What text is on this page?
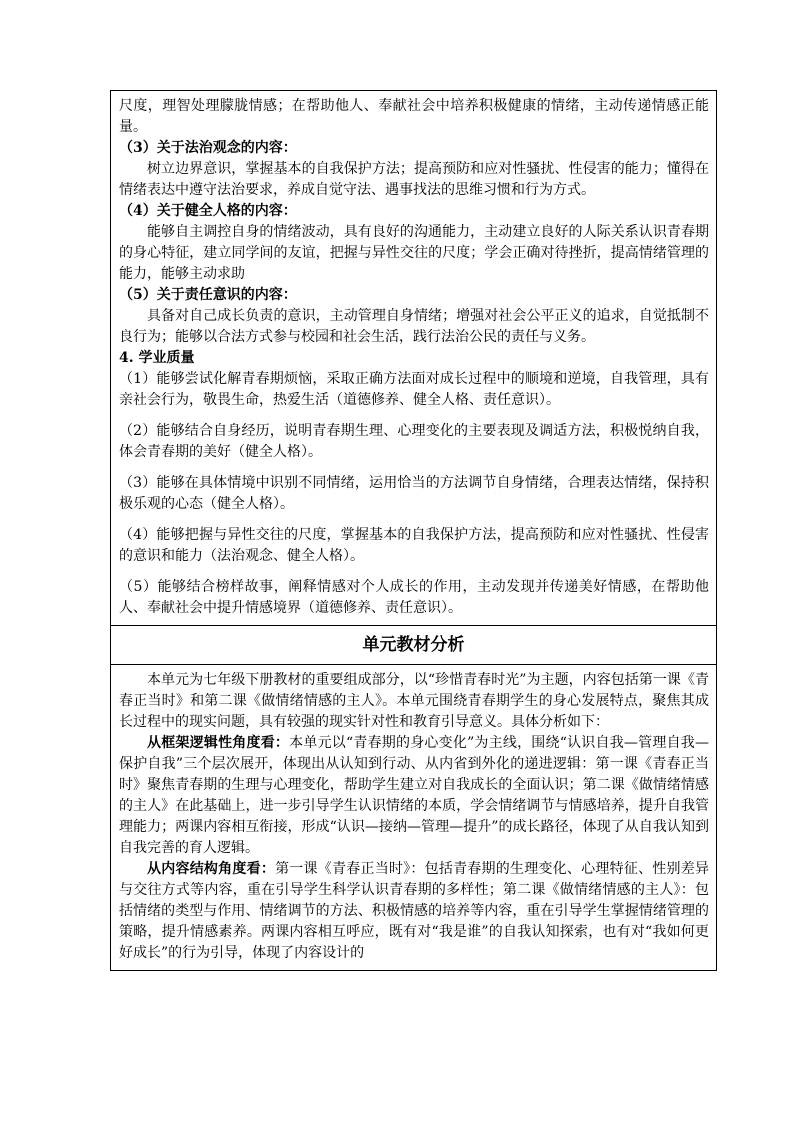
尺度，理智处理朦胧情感；在帮助他人、奉献社会中培养积极健康的情绪，主动传递情感正能量。

（3）关于法治观念的内容：

树立边界意识，掌握基本的自我保护方法；提高预防和应对性骚扰、性侵害的能力；懂得在情绪表达中遵守法治要求，养成自觉守法、遇事找法的思维习惯和行为方式。

（4）关于健全人格的内容：

能够自主调控自身的情绪波动，具有良好的沟通能力，主动建立良好的人际关系认识青春期的身心特征，建立同学间的友谊，把握与异性交往的尺度；学会正确对待挫折，提高情绪管理的能力，能够主动求助

（5）关于责任意识的内容：

具备对自己成长负责的意识，主动管理自身情绪；增强对社会公平正义的追求，自觉抵制不良行为；能够以合法方式参与校园和社会生活，践行法治公民的责任与义务。

4. 学业质量

（1）能够尝试化解青春期烦恼，采取正确方法面对成长过程中的顺境和逆境，自我管理，具有亲社会行为，敬畏生命，热爱生活（道德修养、健全人格、责任意识）。

（2）能够结合自身经历，说明青春期生理、心理变化的主要表现及调适方法，积极悦纳自我，体会青春期的美好（健全人格）。

（3）能够在具体情境中识别不同情绪，运用恰当的方法调节自身情绪，合理表达情绪，保持积极乐观的心态（健全人格）。

（4）能够把握与异性交往的尺度，掌握基本的自我保护方法，提高预防和应对性骚扰、性侵害的意识和能力（法治观念、健全人格）。

（5）能够结合榜样故事，阐释情感对个人成长的作用，主动发现并传递美好情感，在帮助他人、奉献社会中提升情感境界（道德修养、责任意识）。

单元教材分析

本单元为七年级下册教材的重要组成部分，以“珍惜青春时光”为主题，内容包括第一课《青春正当时》和第二课《做情绪情感的主人》。本单元围绕青春期学生的身心发展特点，聚焦其成长过程中的现实问题，具有较强的现实针对性和教育引导意义。具体分析如下：

从框架逻辑性角度看：本单元以“青春期的身心变化”为主线，围绕“认识自我—管理自我—保护自我”三个层次展开，体现出从认知到行动、从内省到外化的递进逻辑：第一课《青春正当时》聚焦青春期的生理与心理变化，帮助学生建立对自我成长的全面认识；第二课《做情绪情感的主人》在此基础上，进一步引导学生认识情绪的本质，学会情绪调节与情感培养，提升自我管理能力；两课内容相互衔接，形成“认识—接纳—管理—提升”的成长路径，体现了从自我认知到自我完善的育人逻辑。

从内容结构角度看：第一课《青春正当时》：包括青春期的生理变化、心理特征、性别差异与交往方式等内容，重在引导学生科学认识青春期的多样性；第二课《做情绪情感的主人》：包括情绪的类型与作用、情绪调节的方法、积极情感的培养等内容，重在引导学生掌握情绪管理的策略，提升情感素养。两课内容相互呼应，既有对“我是谁”的自我认知探索，也有对“我如何更好成长”的行为引导，体现了内容设计的
